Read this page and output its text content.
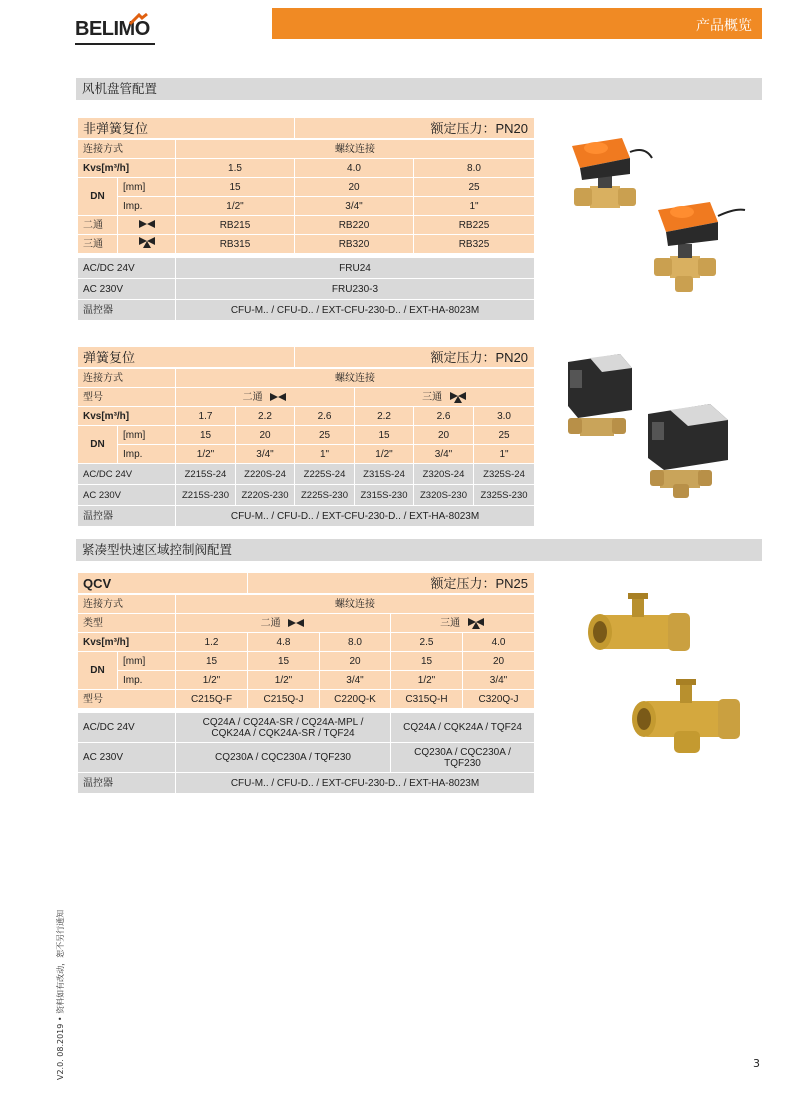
BELIMO	产品概览
风机盘管配置
非弹簧复位			额定压力：PN20	
连接方式		螺纹连接		
Kvs[m³/h]		1.5	4.0	8.0
DN	[mm]	15	20	25
	Imp.	1/2"	3/4"	1"
二通		RB215	RB220	RB225
三通		RB315	RB320	RB325

AC/DC 24V		FRU24		
AC 230V		FRU230-3		
温控器		CFU-M.. / CFU-D.. / EXT-CFU-230-D.. / EXT-HA-8023M		
弹簧复位				额定压力：PN20			
连接方式		螺纹连接					
型号		二通			三通		
Kvs[m³/h]		1.7	2.2	2.6	2.2	2.6	3.0
DN	[mm]	15	20	25	15	20	25
	Imp.	1/2"	3/4"	1"	1/2"	3/4"	1"
AC/DC 24V		Z215S-24	Z220S-24	Z225S-24	Z315S-24	Z320S-24	Z325S-24
AC 230V		Z215S-230	Z220S-230	Z225S-230	Z315S-230	Z320S-230	Z325S-230
温控器		CFU-M.. / CFU-D.. / EXT-CFU-230-D.. / EXT-HA-8023M					
紧凑型快速区域控制阀配置
QCV			额定压力：PN25			
连接方式		螺纹连接				
类型		二通			三通	
Kvs[m³/h]		1.2	4.8	8.0	2.5	4.0
DN	[mm]	15	15	20	15	20
	Imp.	1/2"	1/2"	3/4"	1/2"	3/4"
型号		C215Q-F	C215Q-J	C220Q-K	C315Q-H	C320Q-J

AC/DC 24V		CQ24A / CQ24A-SR / CQ24A-MPL / CQK24A / CQK24A-SR / TQF24			CQ24A / CQK24A / TQF24	
AC 230V		CQ230A / CQC230A / TQF230			CQ230A / CQC230A / TQF230	
温控器		CFU-M.. / CFU-D.. / EXT-CFU-230-D.. / EXT-HA-8023M				
V2.0. 08.2019 • 资料如有改动，恕不另行通知	3
